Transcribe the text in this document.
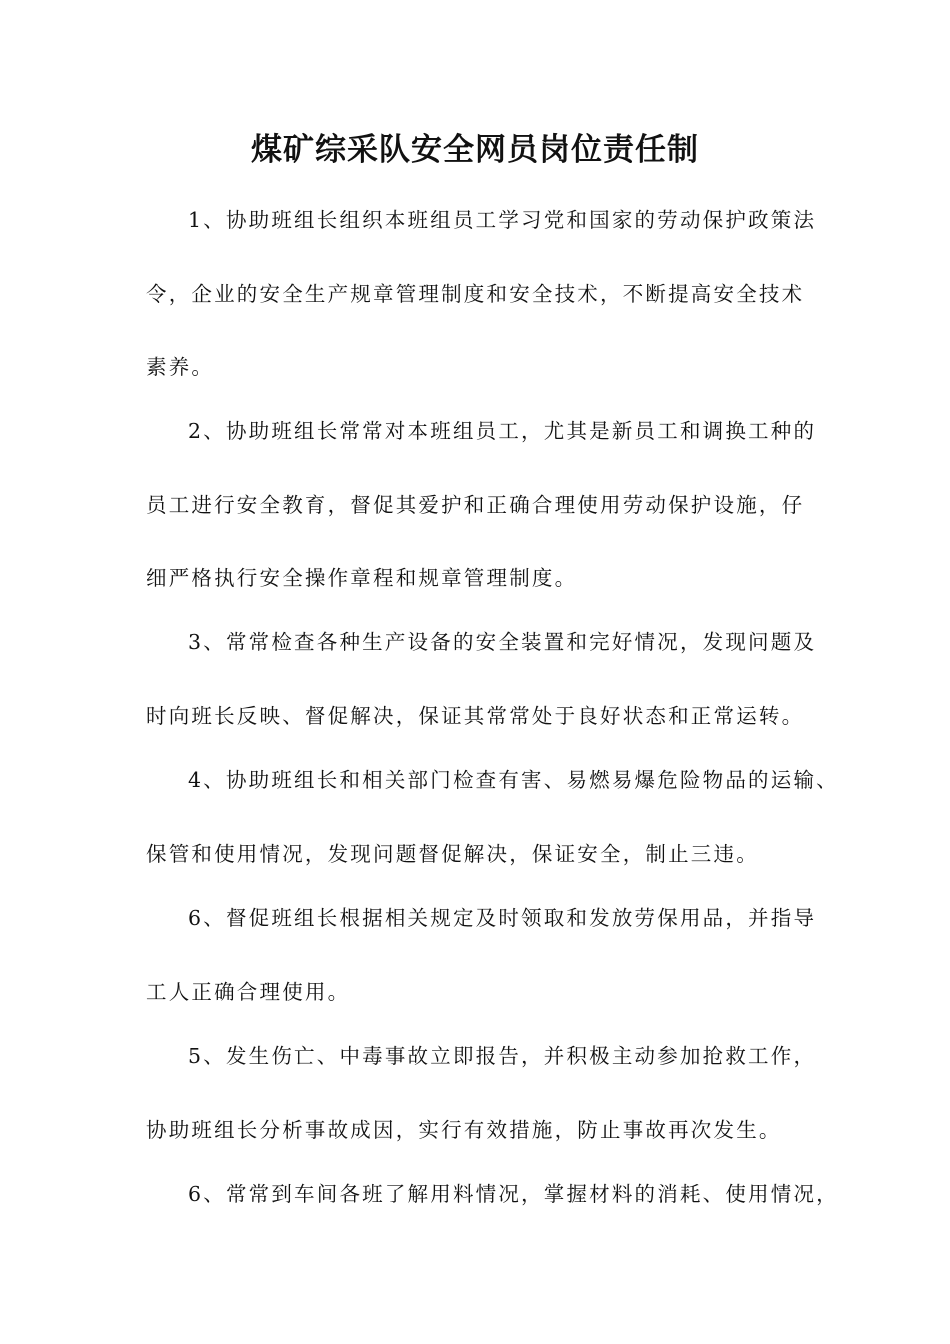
煤矿综采队安全网员岗位责任制

1、协助班组长组织本班组员工学习党和国家的劳动保护政策法

令，企业的安全生产规章管理制度和安全技术，不断提高安全技术

素养。

2、协助班组长常常对本班组员工，尤其是新员工和调换工种的

员工进行安全教育，督促其爱护和正确合理使用劳动保护设施，仔

细严格执行安全操作章程和规章管理制度。

3、常常检查各种生产设备的安全装置和完好情况，发现问题及

时向班长反映、督促解决，保证其常常处于良好状态和正常运转。

4、协助班组长和相关部门检查有害、易燃易爆危险物品的运输、

保管和使用情况，发现问题督促解决，保证安全，制止三违。

6、督促班组长根据相关规定及时领取和发放劳保用品，并指导

工人正确合理使用。

5、发生伤亡、中毒事故立即报告，并积极主动参加抢救工作，

协助班组长分析事故成因，实行有效措施，防止事故再次发生。

6、常常到车间各班了解用料情况，掌握材料的消耗、使用情况，
